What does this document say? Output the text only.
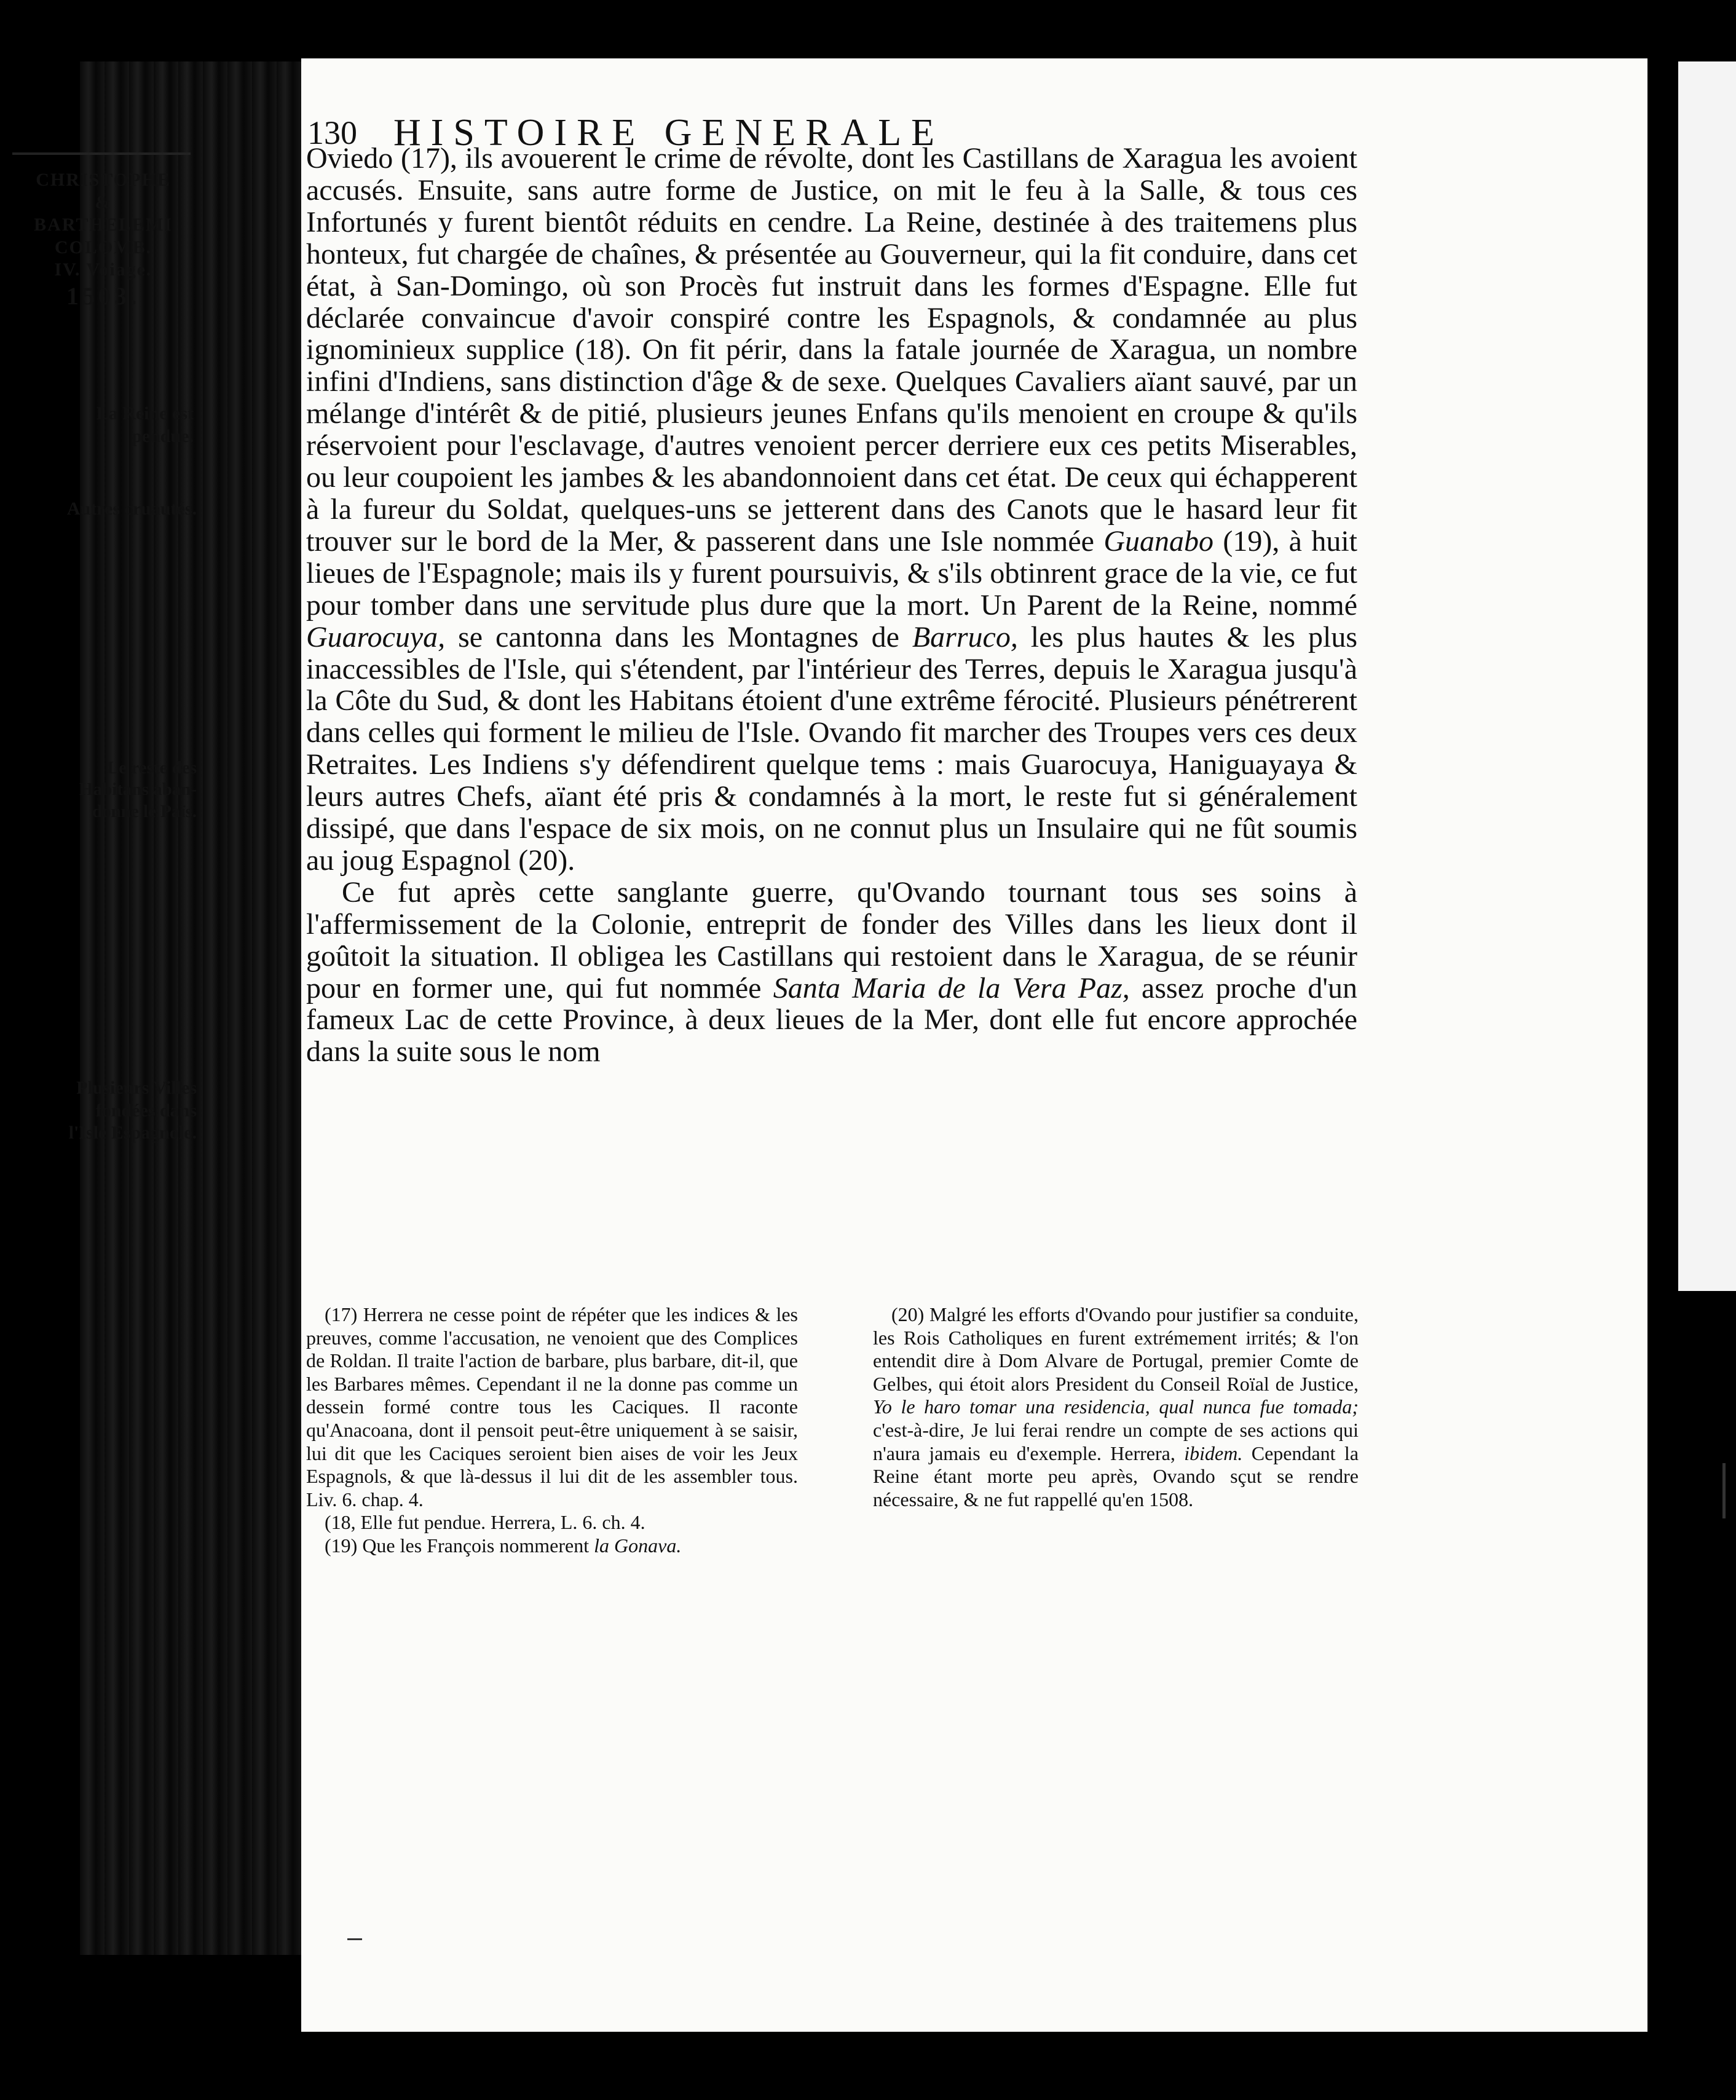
130 HISTOIRE GENERALE
CHRISTOPHE
&
BARTHELEMI
COLOMB.
IV. Voiage.
1503.
La Reine est
pendue.
Autres cruautés.
Le reste des
Habitans aban-
donne le Païs.
Plusieurs Villes
fondées dans
l'Isle Espagnole.

Oviedo (17), ils avouerent le crime de révolte, dont les Castillans de Xaragua les avoient accusés. Ensuite, sans autre forme de Justice, on mit le feu à la Salle, & tous ces Infortunés y furent bientôt réduits en cendre. La Reine, destinée à des traitemens plus honteux, fut chargée de chaînes, & présentée au Gouverneur, qui la fit conduire, dans cet état, à San-Domingo, où son Procès fut instruit dans les formes d'Espagne. Elle fut déclarée convaincue d'avoir conspiré contre les Espagnols, & condamnée au plus ignominieux supplice (18). On fit périr, dans la fatale journée de Xaragua, un nombre infini d'Indiens, sans distinction d'âge & de sexe. Quelques Cavaliers aïant sauvé, par un mélange d'intérêt & de pitié, plusieurs jeunes Enfans qu'ils menoient en croupe & qu'ils réservoient pour l'esclavage, d'autres venoient percer derriere eux ces petits Miserables, ou leur coupoient les jambes & les abandonnoient dans cet état. De ceux qui échapperent à la fureur du Soldat, quelques-uns se jetterent dans des Canots que le hasard leur fit trouver sur le bord de la Mer, & passerent dans une Isle nommée Guanabo (19), à huit lieues de l'Espagnole; mais ils y furent poursuivis, & s'ils obtinrent grace de la vie, ce fut pour tomber dans une servitude plus dure que la mort. Un Parent de la Reine, nommé Guarocuya, se cantonna dans les Montagnes de Barruco, les plus hautes & les plus inaccessibles de l'Isle, qui s'étendent, par l'intérieur des Terres, depuis le Xaragua jusqu'à la Côte du Sud, & dont les Habitans étoient d'une extrême férocité. Plusieurs pénétrerent dans celles qui forment le milieu de l'Isle. Ovando fit marcher des Troupes vers ces deux Retraites. Les Indiens s'y défendirent quelque tems : mais Guarocuya, Haniguayaya & leurs autres Chefs, aïant été pris & condamnés à la mort, le reste fut si généralement dissipé, que dans l'espace de six mois, on ne connut plus un Insulaire qui ne fût soumis au joug Espagnol (20).

Ce fut après cette sanglante guerre, qu'Ovando tournant tous ses soins à l'affermissement de la Colonie, entreprit de fonder des Villes dans les lieux dont il goûtoit la situation. Il obligea les Castillans qui restoient dans le Xaragua, de se réunir pour en former une, qui fut nommée Santa Maria de la Vera Paz, assez proche d'un fameux Lac de cette Province, à deux lieues de la Mer, dont elle fut encore approchée dans la suite sous le nom

(17) Herrera ne cesse point de répéter que les indices & les preuves, comme l'accusation, ne venoient que des Complices de Roldan. Il traite l'action de barbare, plus barbare, dit-il, que les Barbares mêmes. Cependant il ne la donne pas comme un dessein formé contre tous les Caciques. Il raconte qu'Anacoana, dont il pensoit peut-être uniquement à se saisir, lui dit que les Caciques seroient bien aises de voir les Jeux Espagnols, & que là-dessus il lui dit de les assembler tous. Liv. 6. chap. 4.

(18, Elle fut pendue. Herrera, L. 6. ch. 4.

(19) Que les François nommerent la Gonava.

(20) Malgré les efforts d'Ovando pour justifier sa conduite, les Rois Catholiques en furent extrémement irrités; & l'on entendit dire à Dom Alvare de Portugal, premier Comte de Gelbes, qui étoit alors President du Conseil Roïal de Justice, Yo le haro tomar una residencia, qual nunca fue tomada; c'est-à-dire, Je lui ferai rendre un compte de ses actions qui n'aura jamais eu d'exemple. Herrera, ibidem. Cependant la Reine étant morte peu après, Ovando sçut se rendre nécessaire, & ne fut rappellé qu'en 1508.
